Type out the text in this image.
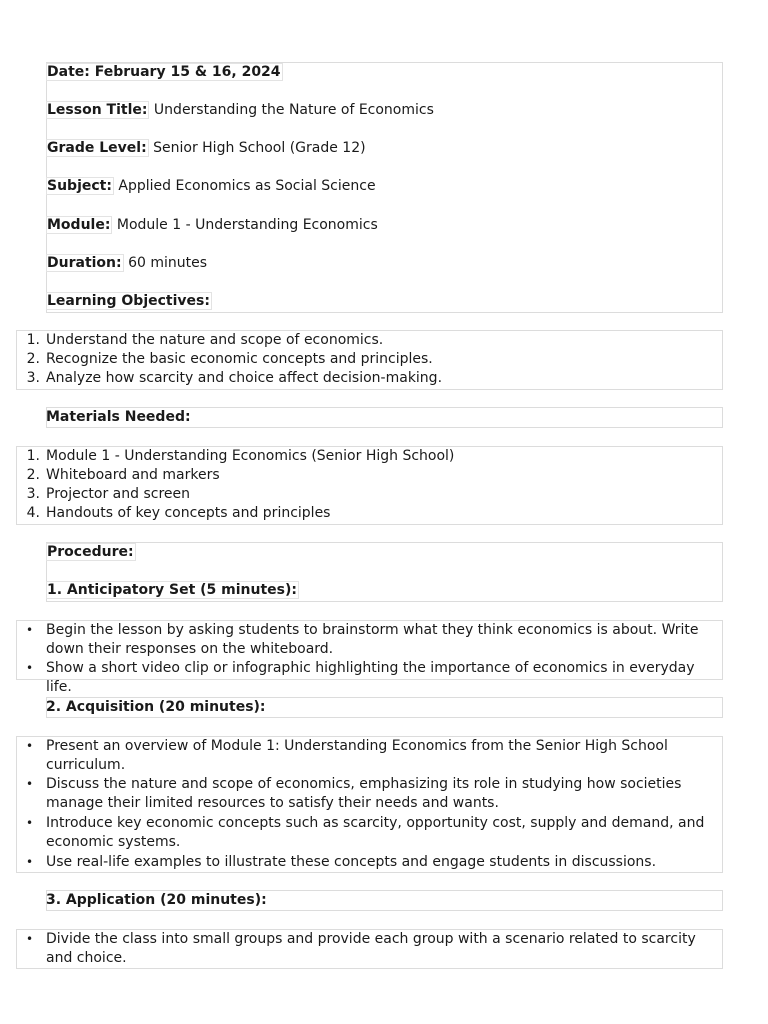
Date: February 15 & 16, 2024
Lesson Title: Understanding the Nature of Economics
Grade Level: Senior High School (Grade 12)
Subject: Applied Economics as Social Science
Module: Module 1 - Understanding Economics
Duration: 60 minutes
Learning Objectives:
1. Understand the nature and scope of economics.
2. Recognize the basic economic concepts and principles.
3. Analyze how scarcity and choice affect decision-making.
Materials Needed:
1. Module 1 - Understanding Economics (Senior High School)
2. Whiteboard and markers
3. Projector and screen
4. Handouts of key concepts and principles
Procedure:
1. Anticipatory Set (5 minutes):
• Begin the lesson by asking students to brainstorm what they think economics is about. Write down their responses on the whiteboard.
• Show a short video clip or infographic highlighting the importance of economics in everyday life.
2. Acquisition (20 minutes):
• Present an overview of Module 1: Understanding Economics from the Senior High School curriculum.
• Discuss the nature and scope of economics, emphasizing its role in studying how societies manage their limited resources to satisfy their needs and wants.
• Introduce key economic concepts such as scarcity, opportunity cost, supply and demand, and economic systems.
• Use real-life examples to illustrate these concepts and engage students in discussions.
3. Application (20 minutes):
• Divide the class into small groups and provide each group with a scenario related to scarcity and choice.
